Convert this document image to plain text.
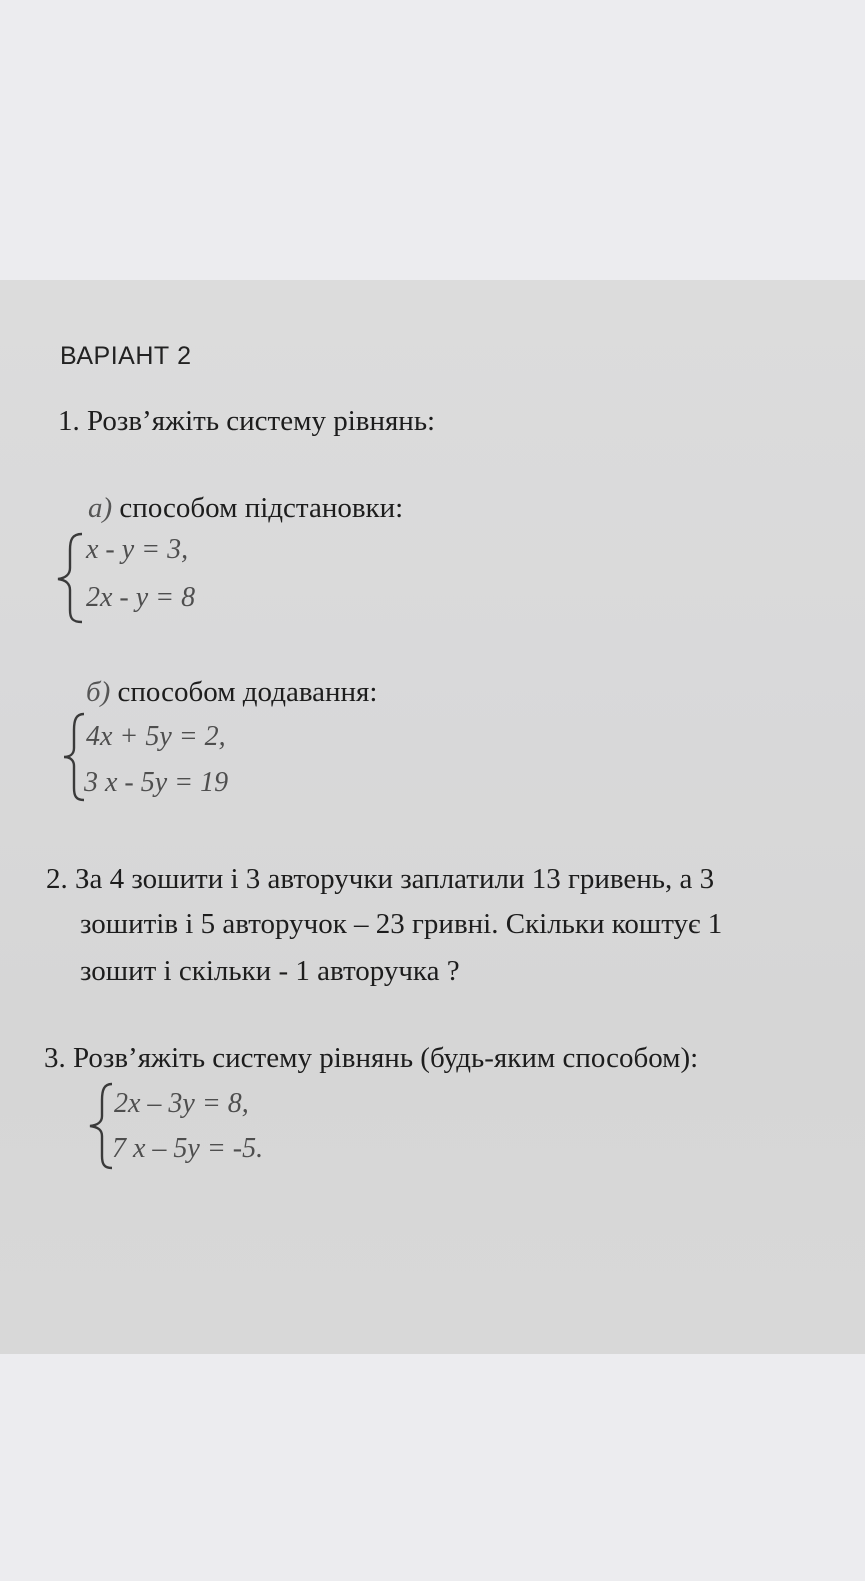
ВАРІАНТ 2
1. Розв’яжіть систему рівнянь:
а) способом підстановки:
x - y = 3,
2x - y = 8
б) способом додавання:
4x + 5y = 2,
3 x - 5y = 19
2. За 4 зошити і 3 авторучки заплатили 13 гривень, а 3
зошитів і 5 авторучок – 23 гривні. Скільки коштує 1
зошит і скільки - 1 авторучка ?
3. Розв’яжіть систему рівнянь (будь-яким способом):
2x – 3y = 8,
7 x – 5y = -5.
